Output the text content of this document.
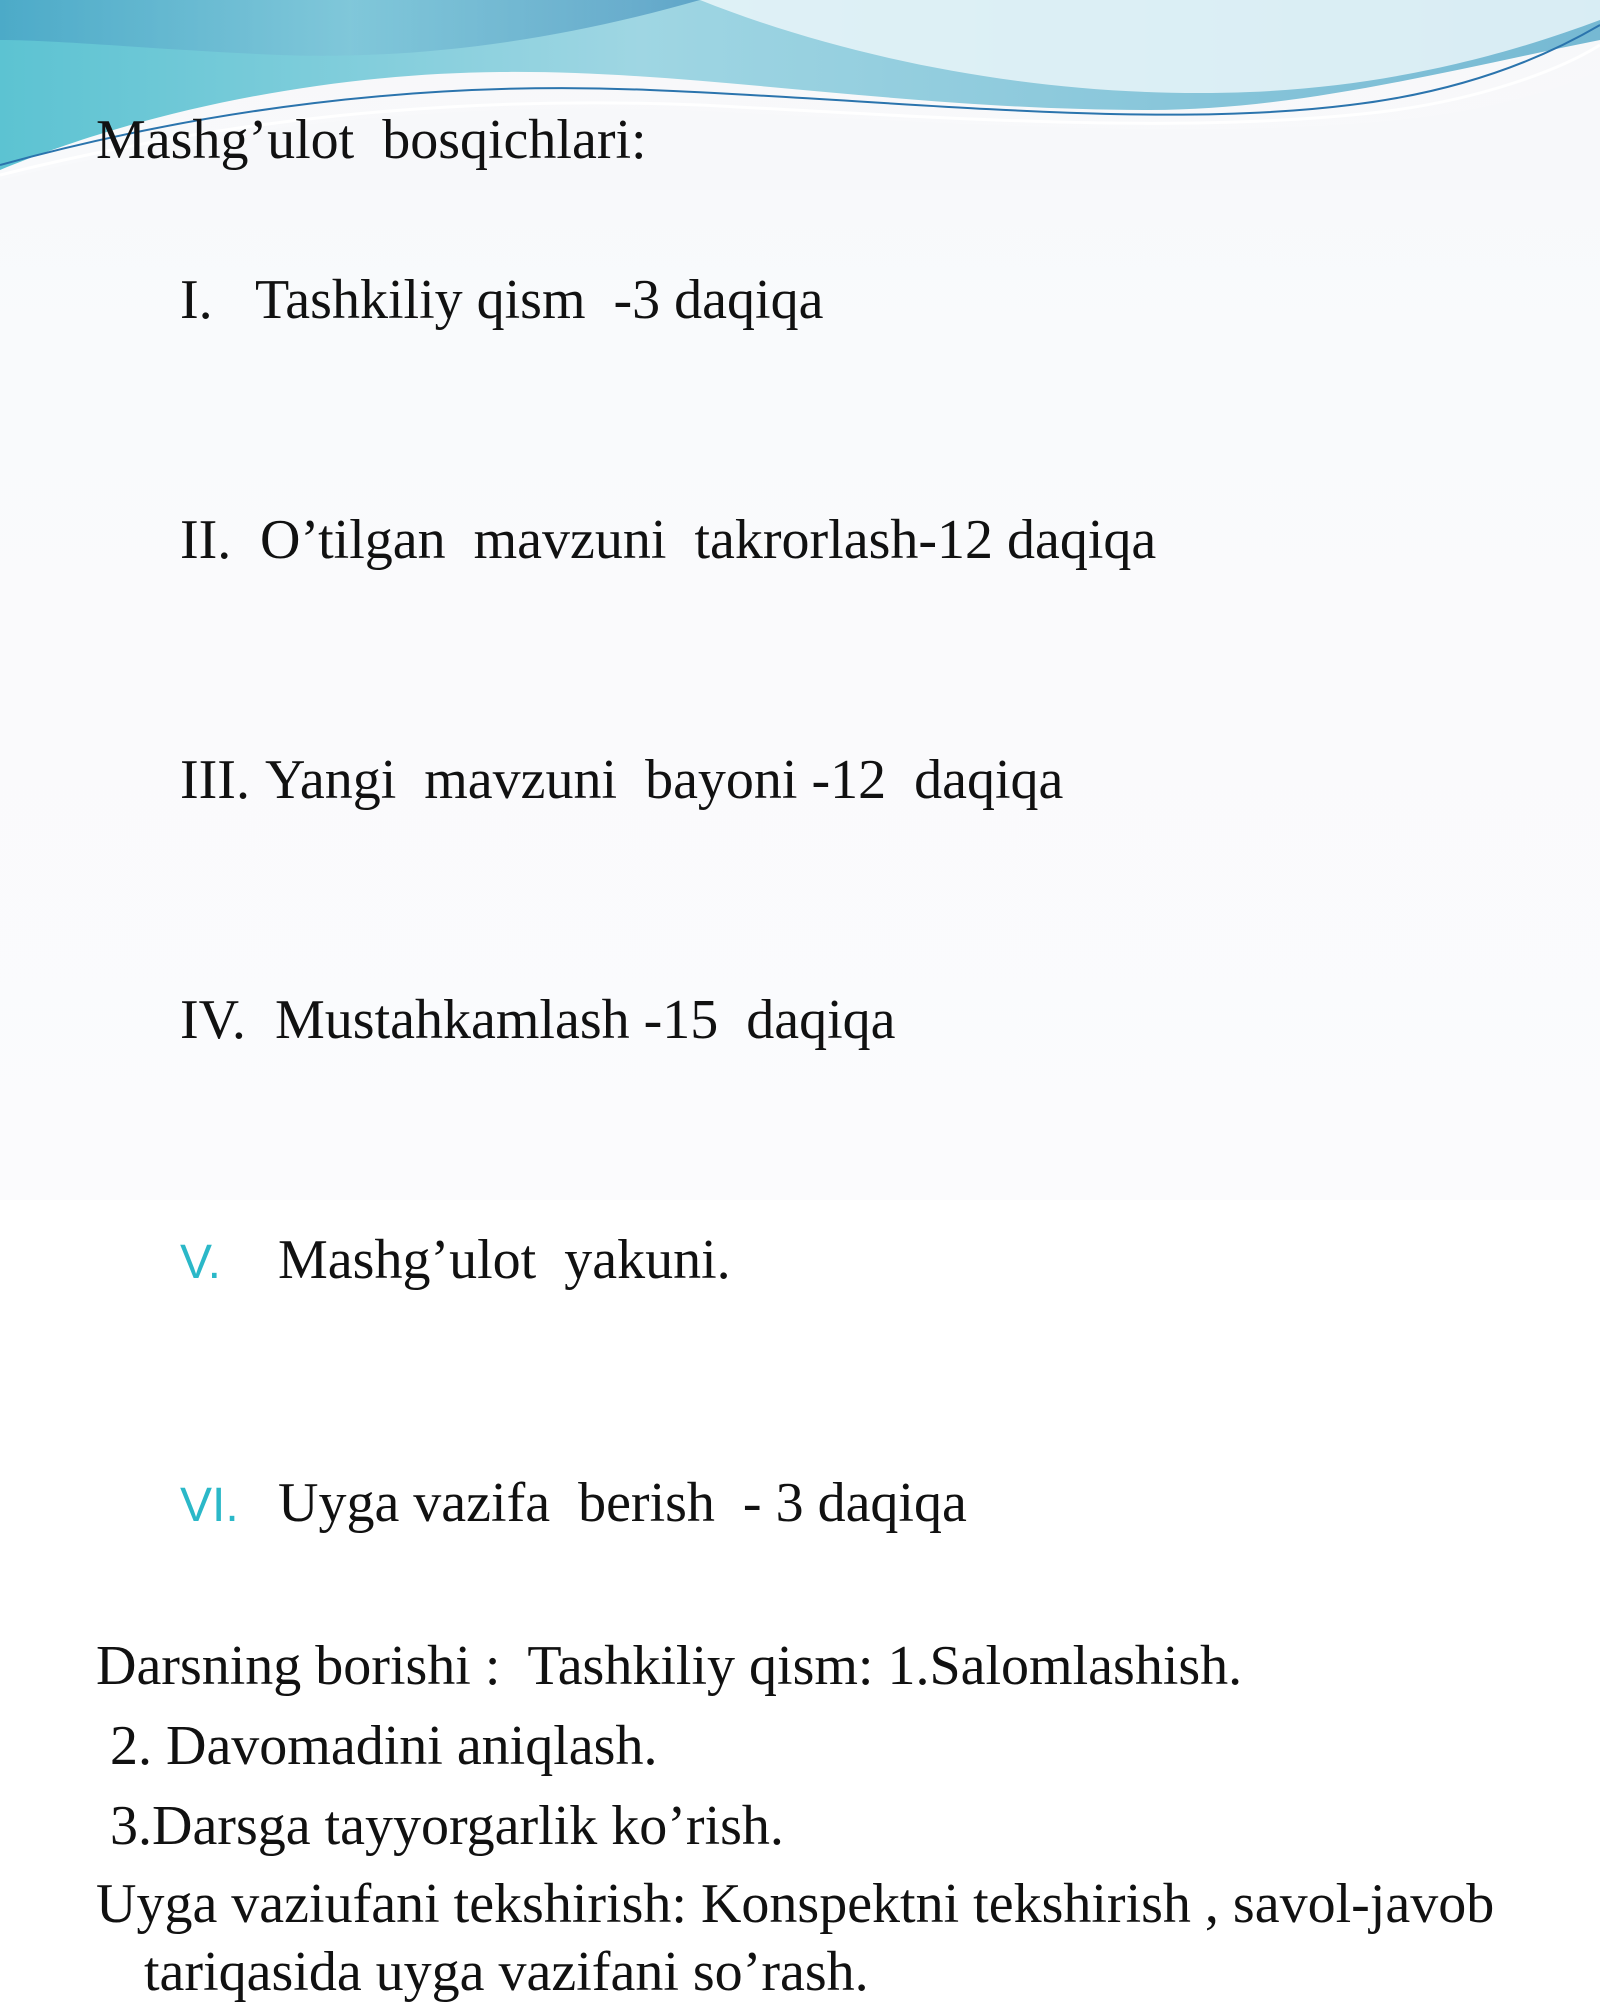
Mashg’ulot  bosqichlari:

I. Tashkiliy qism  -3 daqiqa

II. O’tilgan  mavzuni  takrorlash-12 daqiqa

III. Yangi  mavzuni  bayoni -12  daqiqa

IV. Mustahkamlash -15  daqiqa

V. Mashg’ulot  yakuni.

VI. Uyga vazifa  berish  - 3 daqiqa

Darsning borishi :  Tashkiliy qism: 1.Salomlashish.
2. Davomadini aniqlash.
3.Darsga tayyorgarlik ko’rish.
Uyga vaziufani tekshirish: Konspektni tekshirish , savol-javob tariqasida uyga vazifani so’rash.
